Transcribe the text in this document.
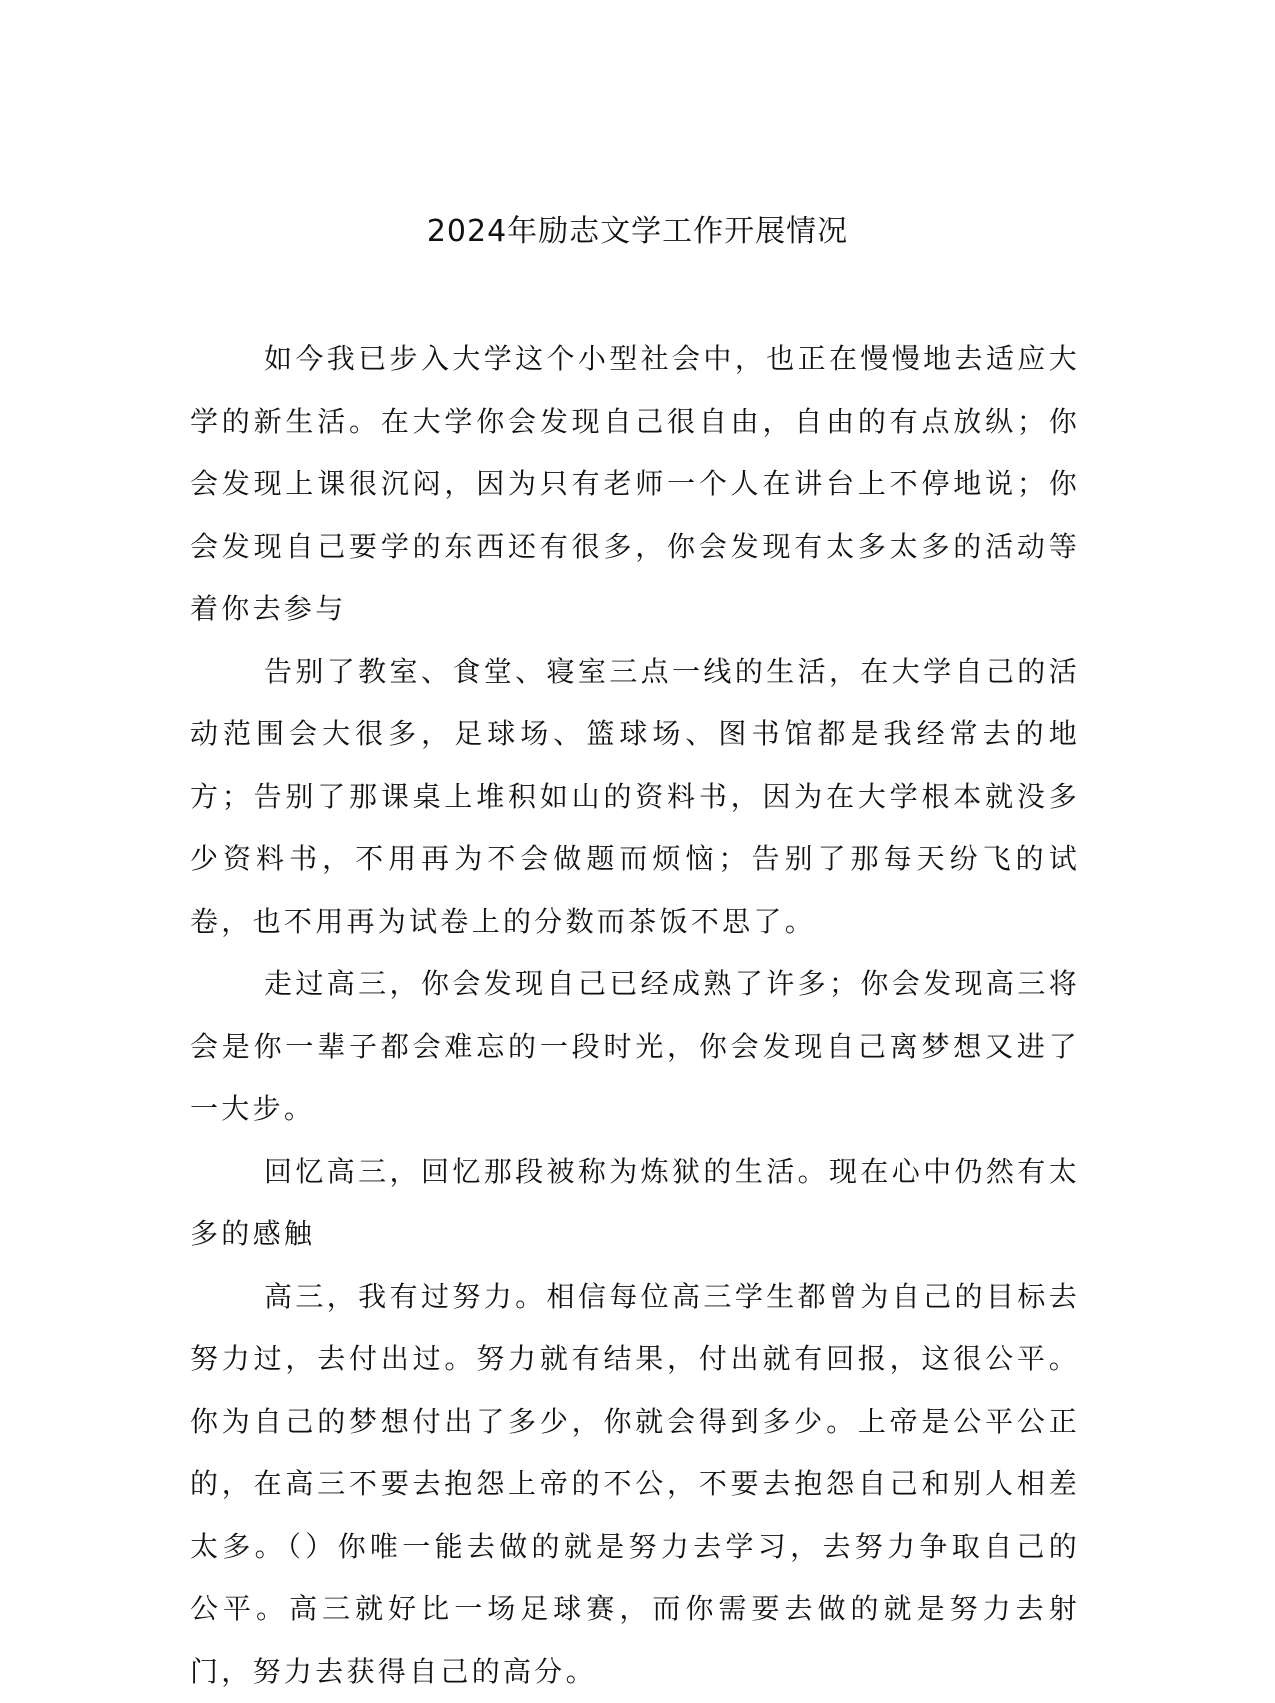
2024年励志文学工作开展情况

如今我已步入大学这个小型社会中，也正在慢慢地去适应大学的新生活。在大学你会发现自己很自由，自由的有点放纵；你会发现上课很沉闷，因为只有老师一个人在讲台上不停地说；你会发现自己要学的东西还有很多，你会发现有太多太多的活动等着你去参与

告别了教室、食堂、寝室三点一线的生活，在大学自己的活动范围会大很多，足球场、篮球场、图书馆都是我经常去的地方；告别了那课桌上堆积如山的资料书，因为在大学根本就没多少资料书，不用再为不会做题而烦恼；告别了那每天纷飞的试卷，也不用再为试卷上的分数而茶饭不思了。

走过高三，你会发现自己已经成熟了许多；你会发现高三将会是你一辈子都会难忘的一段时光，你会发现自己离梦想又进了一大步。

回忆高三，回忆那段被称为炼狱的生活。现在心中仍然有太多的感触

高三，我有过努力。相信每位高三学生都曾为自己的目标去努力过，去付出过。努力就有结果，付出就有回报，这很公平。你为自己的梦想付出了多少，你就会得到多少。上帝是公平公正的，在高三不要去抱怨上帝的不公，不要去抱怨自己和别人相差太多。（）你唯一能去做的就是努力去学习，去努力争取自己的公平。高三就好比一场足球赛，而你需要去做的就是努力去射门，努力去获得自己的高分。
